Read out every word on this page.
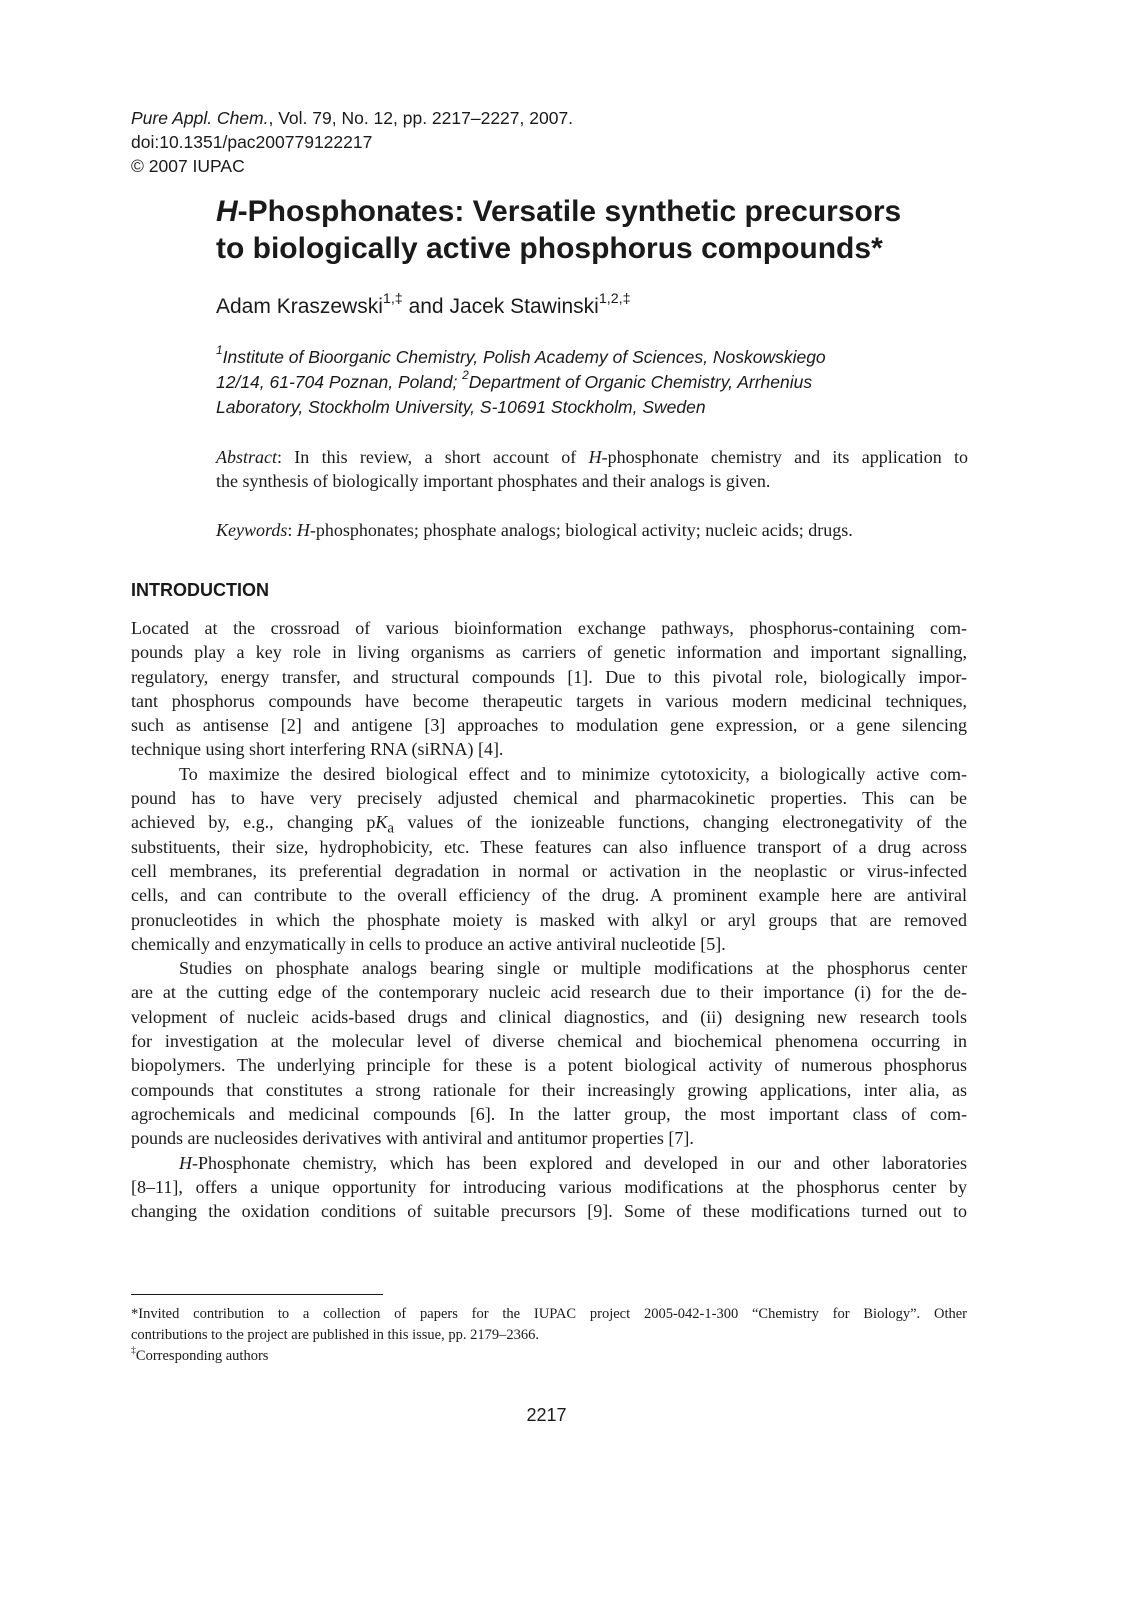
Pure Appl. Chem., Vol. 79, No. 12, pp. 2217–2227, 2007.
doi:10.1351/pac200779122217
© 2007 IUPAC
H-Phosphonates: Versatile synthetic precursors
to biologically active phosphorus compounds*
Adam Kraszewski$^{1,\ddagger}$ and Jacek Stawinski$^{1,2,\ddagger}$
$^1$Institute of Bioorganic Chemistry, Polish Academy of Sciences, Noskowskiego
12/14, 61-704 Poznan, Poland; $^2$Department of Organic Chemistry, Arrhenius
Laboratory, Stockholm University, S-10691 Stockholm, Sweden
Abstract: In this review, a short account of H-phosphonate chemistry and its application to
the synthesis of biologically important phosphates and their analogs is given.
Keywords: H-phosphonates; phosphate analogs; biological activity; nucleic acids; drugs.
INTRODUCTION
Located at the crossroad of various bioinformation exchange pathways, phosphorus-containing com-
pounds play a key role in living organisms as carriers of genetic information and important signalling,
regulatory, energy transfer, and structural compounds [1]. Due to this pivotal role, biologically impor-
tant phosphorus compounds have become therapeutic targets in various modern medicinal techniques,
such as antisense [2] and antigene [3] approaches to modulation gene expression, or a gene silencing
technique using short interfering RNA (siRNA) [4].
To maximize the desired biological effect and to minimize cytotoxicity, a biologically active com-
pound has to have very precisely adjusted chemical and pharmacokinetic properties. This can be
achieved by, e.g., changing $pK_a$ values of the ionizeable functions, changing electronegativity of the
substituents, their size, hydrophobicity, etc. These features can also influence transport of a drug across
cell membranes, its preferential degradation in normal or activation in the neoplastic or virus-infected
cells, and can contribute to the overall efficiency of the drug. A prominent example here are antiviral
pronucleotides in which the phosphate moiety is masked with alkyl or aryl groups that are removed
chemically and enzymatically in cells to produce an active antiviral nucleotide [5].
Studies on phosphate analogs bearing single or multiple modifications at the phosphorus center
are at the cutting edge of the contemporary nucleic acid research due to their importance (i) for the de-
velopment of nucleic acids-based drugs and clinical diagnostics, and (ii) designing new research tools
for investigation at the molecular level of diverse chemical and biochemical phenomena occurring in
biopolymers. The underlying principle for these is a potent biological activity of numerous phosphorus
compounds that constitutes a strong rationale for their increasingly growing applications, inter alia, as
agrochemicals and medicinal compounds [6]. In the latter group, the most important class of com-
pounds are nucleosides derivatives with antiviral and antitumor properties [7].
H-Phosphonate chemistry, which has been explored and developed in our and other laboratories
[8–11], offers a unique opportunity for introducing various modifications at the phosphorus center by
changing the oxidation conditions of suitable precursors [9]. Some of these modifications turned out to
*Invited contribution to a collection of papers for the IUPAC project 2005-042-1-300 “Chemistry for Biology”. Other
contributions to the project are published in this issue, pp. 2179–2366.
‡Corresponding authors
2217
